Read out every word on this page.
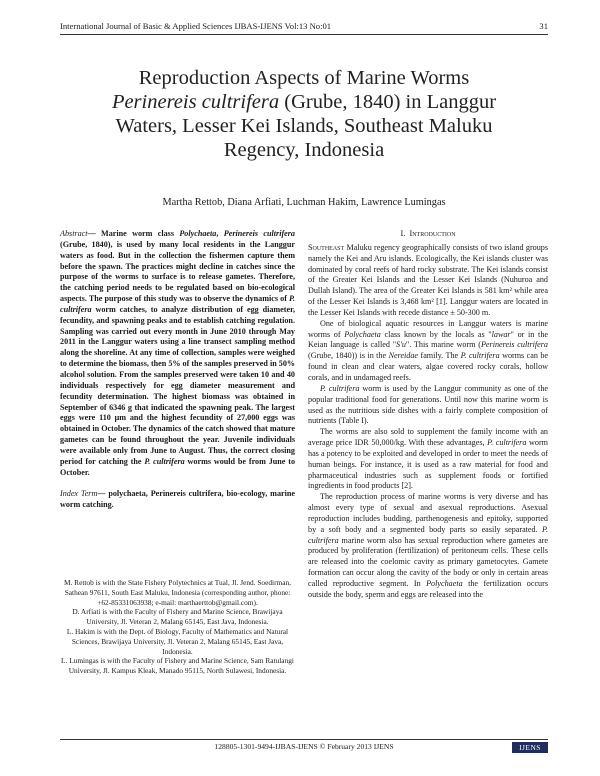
International Journal of Basic & Applied Sciences IJBAS-IJENS Vol:13 No:01	31
Reproduction Aspects of Marine Worms
Perinereis cultrifera (Grube, 1840) in Langgur
Waters, Lesser Kei Islands, Southeast Maluku
Regency, Indonesia
Martha Rettob, Diana Arfiati, Luchman Hakim, Lawrence Lumingas

Abstract— Marine worm class Polychaeta, Perinereis cultrifera (Grube, 1840), is used by many local residents in the Langgur waters as food. But in the collection the fishermen capture them before the spawn. The practices might decline in catches since the purpose of the worms to surface is to release gametes. Therefore, the catching period needs to be regulated based on bio-ecological aspects. The purpose of this study was to observe the dynamics of P. cultrifera worm catches, to analyze distribution of egg diameter, fecundity, and spawning peaks and to establish catching regulation. Sampling was carried out every month in June 2010 through May 2011 in the Langgur waters using a line transect sampling method along the shoreline. At any time of collection, samples were weighed to determine the biomass, then 5% of the samples preserved in 50% alcohol solution. From the samples preserved were taken 10 and 40 individuals respectively for egg diameter measurement and fecundity determination. The highest biomass was obtained in September of 6346 g that indicated the spawning peak. The largest eggs were 110 μm and the highest fecundity of 27,000 eggs was obtained in October. The dynamics of the catch showed that mature gametes can be found throughout the year. Juvenile individuals were available only from June to August. Thus, the correct closing period for catching the P. cultrifera worms would be from June to October.

Index Term— polychaeta, Perinereis cultrifera, bio-ecology, marine worm catching.

M. Rettob is with the State Fishery Polytechnics at Tual, Jl. Jend. Soedirman, Sathean 97611, South East Maluku, Indonesia (corresponding author, phone: +62-85331063938; e-mail: marthaerttob@gmail.com).

D. Arfiati is with the Faculty of Fishery and Marine Science, Brawijaya University, Jl. Veteran 2, Malang 65145, East Java, Indonesia.

L. Hakim is with the Dept. of Biology, Faculty of Mathematics and Natural Sciences, Brawijaya University, Jl. Veteran 2, Malang 65145, East Java, Indonesia.

L. Lumingas is with the Faculty of Fishery and Marine Science, Sam Ratulangi University, Jl. Kampus Kleak, Manado 95115, North Sulawesi, Indonesia.

I. Introduction

Southeast Maluku regency geographically consists of two island groups namely the Kei and Aru islands. Ecologically, the Kei islands cluster was dominated by coral reefs of hard rocky substrate. The Kei islands consist of the Greater Kei Islands and the Lesser Kei Islands (Nuhuroa and Dullah Island). The area of the Greater Kei Islands is 581 km² while area of the Lesser Kei Islands is 3,468 km² [1]. Langgur waters are located in the Lesser Kei Islands with recede distance ± 50-300 m.

One of biological aquatic resources in Langgur waters is marine worms of Polychaeta class known by the locals as "lawar" or in the Keian language is called "S'u". This marine worm (Perinereis cultrifera (Grube, 1840)) is in the Nereidae family. The P. cultrifera worms can be found in clean and clear waters, algae covered rocky corals, hollow corals, and in undamaged reefs.

P. cultrifera worm is used by the Langgur community as one of the popular traditional food for generations. Until now this marine worm is used as the nutritious side dishes with a fairly complete composition of nutrients (Table I).

The worms are also sold to supplement the family income with an average price IDR 50,000/kg. With these advantages, P. cultrifera worm has a potency to be exploited and developed in order to meet the needs of human beings. For instance, it is used as a raw material for food and pharmaceutical industries such as supplement foods or fortified ingredients in food products [2].

The reproduction process of marine worms is very diverse and has almost every type of sexual and asexual reproductions. Asexual reproduction includes budding, parthenogenesis and epitoky, supported by a soft body and a segmented body parts so easily separated. P. cultrifera marine worm also has sexual reproduction where gametes are produced by proliferation (fertilization) of peritoneum cells. These cells are released into the coelomic cavity as primary gametocytes. Gamete formation can occur along the cavity of the body or only in certain areas called reproductive segment. In Polychaeta the fertilization occurs outside the body, sperm and eggs are released into the

128805-1301-9494-IJBAS-IJENS © February 2013 IJENS	IJENS
